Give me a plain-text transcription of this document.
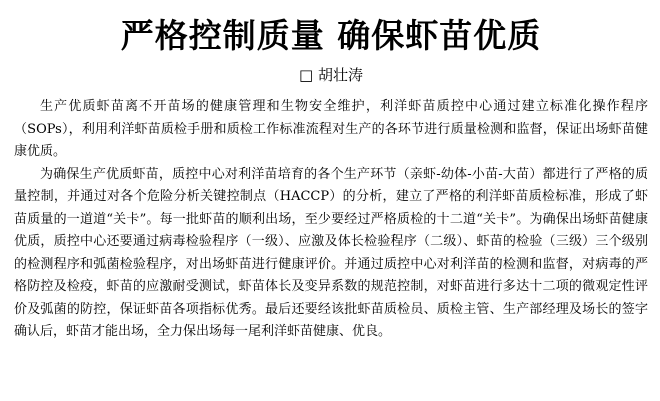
严格控制质量 确保虾苗优质
□ 胡壮涛

生产优质虾苗离不开苗场的健康管理和生物安全维护，利洋虾苗质控中心通过建立标准化操作程序（SOPs），利用利洋虾苗质检手册和质检工作标准流程对生产的各环节进行质量检测和监督，保证出场虾苗健康优质。

为确保生产优质虾苗，质控中心对利洋苗培育的各个生产环节（亲虾-幼体-小苗-大苗）都进行了严格的质量控制，并通过对各个危险分析关键控制点（HACCP）的分析，建立了严格的利洋虾苗质检标准，形成了虾苗质量的一道道“关卡”。每一批虾苗的顺利出场，至少要经过严格质检的十二道“关卡”。为确保出场虾苗健康优质，质控中心还要通过病毒检验程序（一级）、应激及体长检验程序（二级）、虾苗的检验（三级）三个级别的检测程序和弧菌检验程序，对出场虾苗进行健康评价。并通过质控中心对利洋苗的检测和监督，对病毒的严格防控及检疫，虾苗的应激耐受测试，虾苗体长及变异系数的规范控制，对虾苗进行多达十二项的微观定性评价及弧菌的防控，保证虾苗各项指标优秀。最后还要经该批虾苗质检员、质检主管、生产部经理及场长的签字确认后，虾苗才能出场，全力保出场每一尾利洋虾苗健康、优良。
